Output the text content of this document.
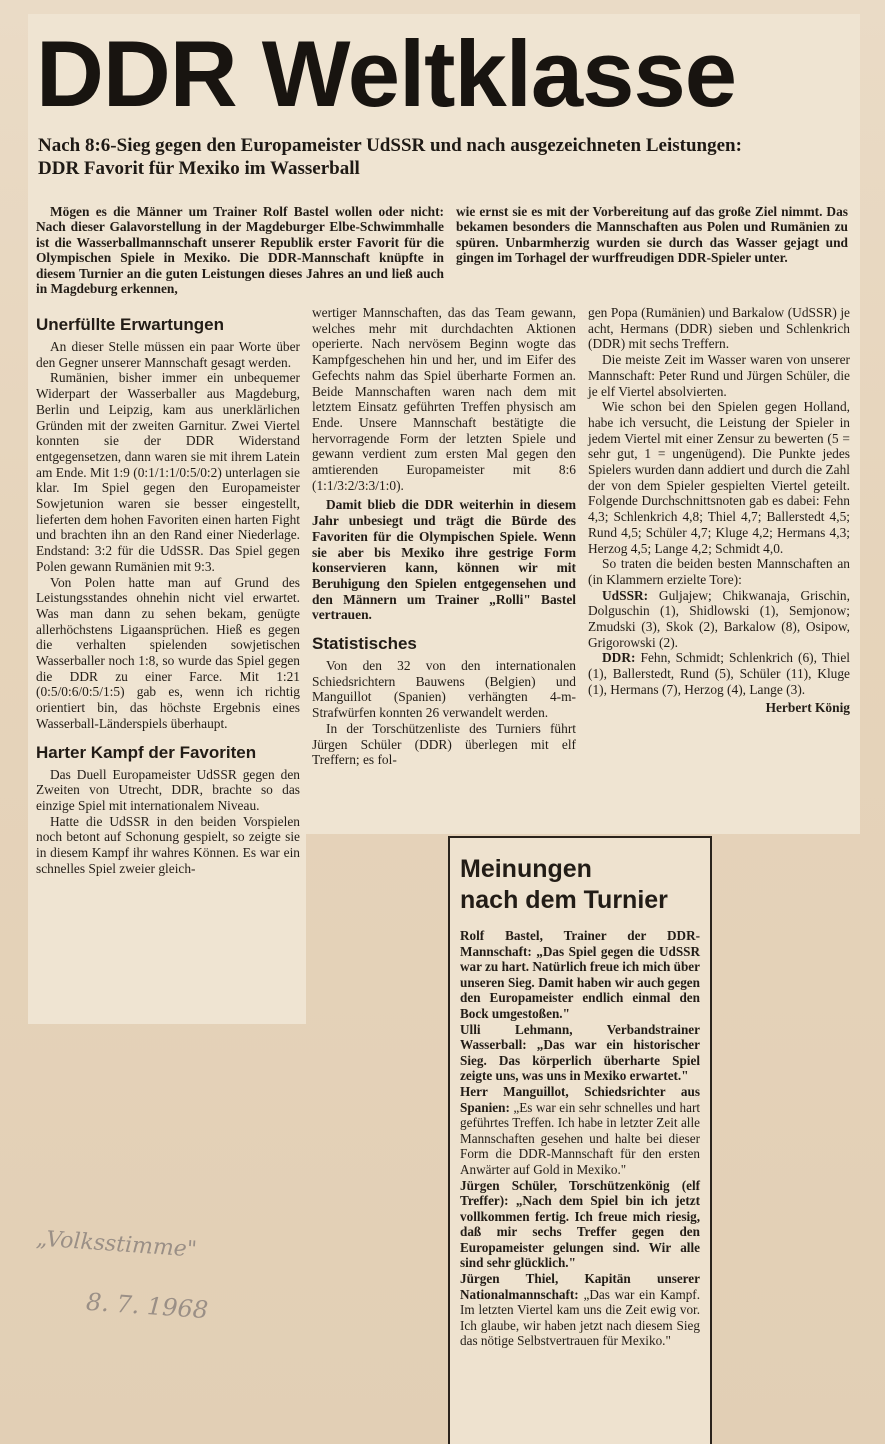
DDR Weltklasse
Nach 8:6-Sieg gegen den Europameister UdSSR und nach ausgezeichneten Leistungen:
DDR Favorit für Mexiko im Wasserball

Mögen es die Männer um Trainer Rolf Bastel wollen oder nicht: Nach dieser Galavorstellung in der Magdeburger Elbe-Schwimmhalle ist die Wasserballmannschaft unserer Republik erster Favorit für die Olympischen Spiele in Mexiko. Die DDR-Mannschaft knüpfte in diesem Turnier an die guten Leistungen dieses Jahres an und ließ auch in Magdeburg erkennen,

wie ernst sie es mit der Vorbereitung auf das große Ziel nimmt. Das bekamen besonders die Mannschaften aus Polen und Rumänien zu spüren. Unbarmherzig wurden sie durch das Wasser gejagt und gingen im Torhagel der wurffreudigen DDR-Spieler unter.

Unerfüllte Erwartungen

An dieser Stelle müssen ein paar Worte über den Gegner unserer Mannschaft gesagt werden.

Rumänien, bisher immer ein unbequemer Widerpart der Wasserballer aus Magdeburg, Berlin und Leipzig, kam aus unerklärlichen Gründen mit der zweiten Garnitur. Zwei Viertel konnten sie der DDR Widerstand entgegensetzen, dann waren sie mit ihrem Latein am Ende. Mit 1:9 (0:1/1:1/0:5/0:2) unterlagen sie klar. Im Spiel gegen den Europameister Sowjetunion waren sie besser eingestellt, lieferten dem hohen Favoriten einen harten Fight und brachten ihn an den Rand einer Niederlage. Endstand: 3:2 für die UdSSR. Das Spiel gegen Polen gewann Rumänien mit 9:3.

Von Polen hatte man auf Grund des Leistungsstandes ohnehin nicht viel erwartet. Was man dann zu sehen bekam, genügte allerhöchstens Ligaansprüchen. Hieß es gegen die verhalten spielenden sowjetischen Wasserballer noch 1:8, so wurde das Spiel gegen die DDR zu einer Farce. Mit 1:21 (0:5/0:6/0:5/1:5) gab es, wenn ich richtig orientiert bin, das höchste Ergebnis eines Wasserball-Länderspiels überhaupt.

Harter Kampf der Favoriten

Das Duell Europameister UdSSR gegen den Zweiten von Utrecht, DDR, brachte so das einzige Spiel mit internationalem Niveau.

Hatte die UdSSR in den beiden Vorspielen noch betont auf Schonung gespielt, so zeigte sie in diesem Kampf ihr wahres Können. Es war ein schnelles Spiel zweier gleich-

wertiger Mannschaften, das das Team gewann, welches mehr mit durchdachten Aktionen operierte. Nach nervösem Beginn wogte das Kampfgeschehen hin und her, und im Eifer des Gefechts nahm das Spiel überharte Formen an. Beide Mannschaften waren nach dem mit letztem Einsatz geführten Treffen physisch am Ende. Unsere Mannschaft bestätigte die hervorragende Form der letzten Spiele und gewann verdient zum ersten Mal gegen den amtierenden Europameister mit 8:6 (1:1/3:2/3:3/1:0).

Damit blieb die DDR weiterhin in diesem Jahr unbesiegt und trägt die Bürde des Favoriten für die Olympischen Spiele. Wenn sie aber bis Mexiko ihre gestrige Form konservieren kann, können wir mit Beruhigung den Spielen entgegensehen und den Männern um Trainer „Rolli" Bastel vertrauen.

Statistisches

Von den 32 von den internationalen Schiedsrichtern Bauwens (Belgien) und Manguillot (Spanien) verhängten 4-m-Strafwürfen konnten 26 verwandelt werden.

In der Torschützenliste des Turniers führt Jürgen Schüler (DDR) überlegen mit elf Treffern; es fol-

gen Popa (Rumänien) und Barkalow (UdSSR) je acht, Hermans (DDR) sieben und Schlenkrich (DDR) mit sechs Treffern.

Die meiste Zeit im Wasser waren von unserer Mannschaft: Peter Rund und Jürgen Schüler, die je elf Viertel absolvierten.

Wie schon bei den Spielen gegen Holland, habe ich versucht, die Leistung der Spieler in jedem Viertel mit einer Zensur zu bewerten (5 = sehr gut, 1 = ungenügend). Die Punkte jedes Spielers wurden dann addiert und durch die Zahl der von dem Spieler gespielten Viertel geteilt. Folgende Durchschnittsnoten gab es dabei: Fehn 4,3; Schlenkrich 4,8; Thiel 4,7; Ballerstedt 4,5; Rund 4,5; Schüler 4,7; Kluge 4,2; Hermans 4,3; Herzog 4,5; Lange 4,2; Schmidt 4,0.

So traten die beiden besten Mannschaften an (in Klammern erzielte Tore):

UdSSR: Guljajew; Chikwanaja, Grischin, Dolguschin (1), Shidlowski (1), Semjonow; Zmudski (3), Skok (2), Barkalow (8), Osipow, Grigorowski (2).

DDR: Fehn, Schmidt; Schlenkrich (6), Thiel (1), Ballerstedt, Rund (5), Schüler (11), Kluge (1), Hermans (7), Herzog (4), Lange (3).

Herbert König
Meinungen
nach dem Turnier

Rolf Bastel, Trainer der DDR-Mannschaft: „Das Spiel gegen die UdSSR war zu hart. Natürlich freue ich mich über unseren Sieg. Damit haben wir auch gegen den Europameister endlich einmal den Bock umgestoßen."

Ulli Lehmann, Verbandstrainer Wasserball: „Das war ein historischer Sieg. Das körperlich überharte Spiel zeigte uns, was uns in Mexiko erwartet."

Herr Manguillot, Schiedsrichter aus Spanien: „Es war ein sehr schnelles und hart geführtes Treffen. Ich habe in letzter Zeit alle Mannschaften gesehen und halte bei dieser Form die DDR-Mannschaft für den ersten Anwärter auf Gold in Mexiko."

Jürgen Schüler, Torschützenkönig (elf Treffer): „Nach dem Spiel bin ich jetzt vollkommen fertig. Ich freue mich riesig, daß mir sechs Treffer gegen den Europameister gelungen sind. Wir alle sind sehr glücklich."

Jürgen Thiel, Kapitän unserer Nationalmannschaft: „Das war ein Kampf. Im letzten Viertel kam uns die Zeit ewig vor. Ich glaube, wir haben jetzt nach diesem Sieg das nötige Selbstvertrauen für Mexiko."

„Volksstimme"
8. 7. 1968
